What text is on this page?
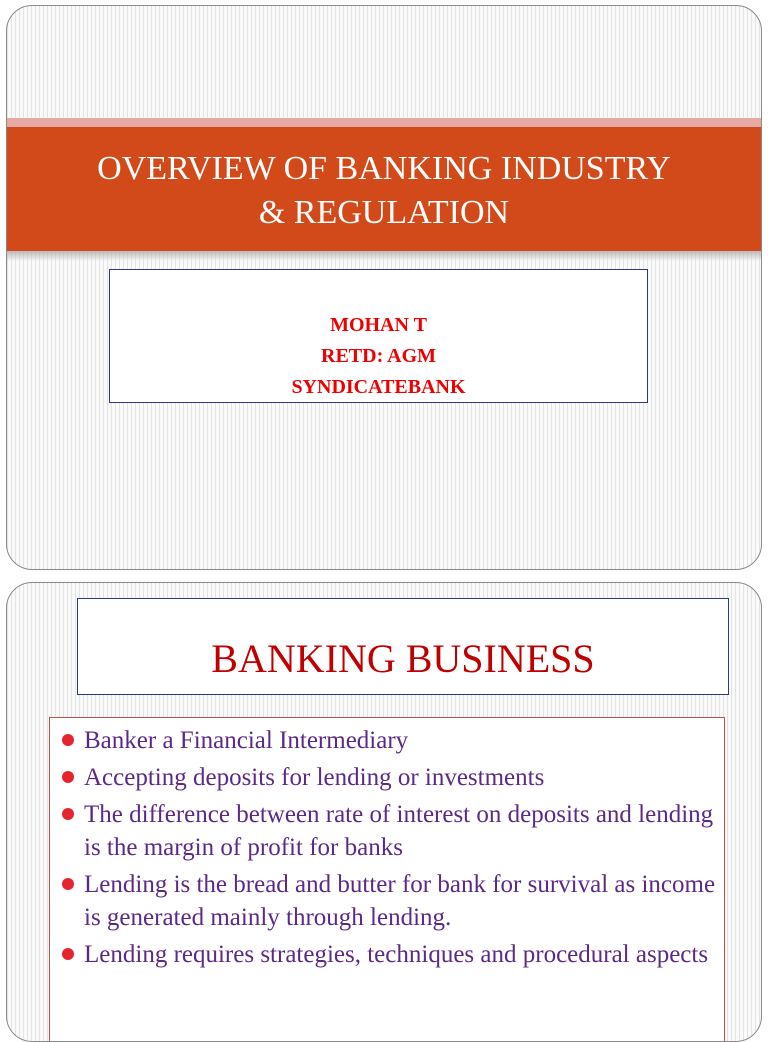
OVERVIEW OF BANKING INDUSTRY
& REGULATION
MOHAN T
RETD: AGM
SYNDICATEBANK
BANKING BUSINESS
Banker a Financial Intermediary
Accepting deposits for lending or investments
The difference between rate of interest on deposits and lending is the margin of profit for banks
Lending is the bread and butter for bank for survival as income is generated mainly through lending.
Lending requires strategies, techniques and procedural aspects
